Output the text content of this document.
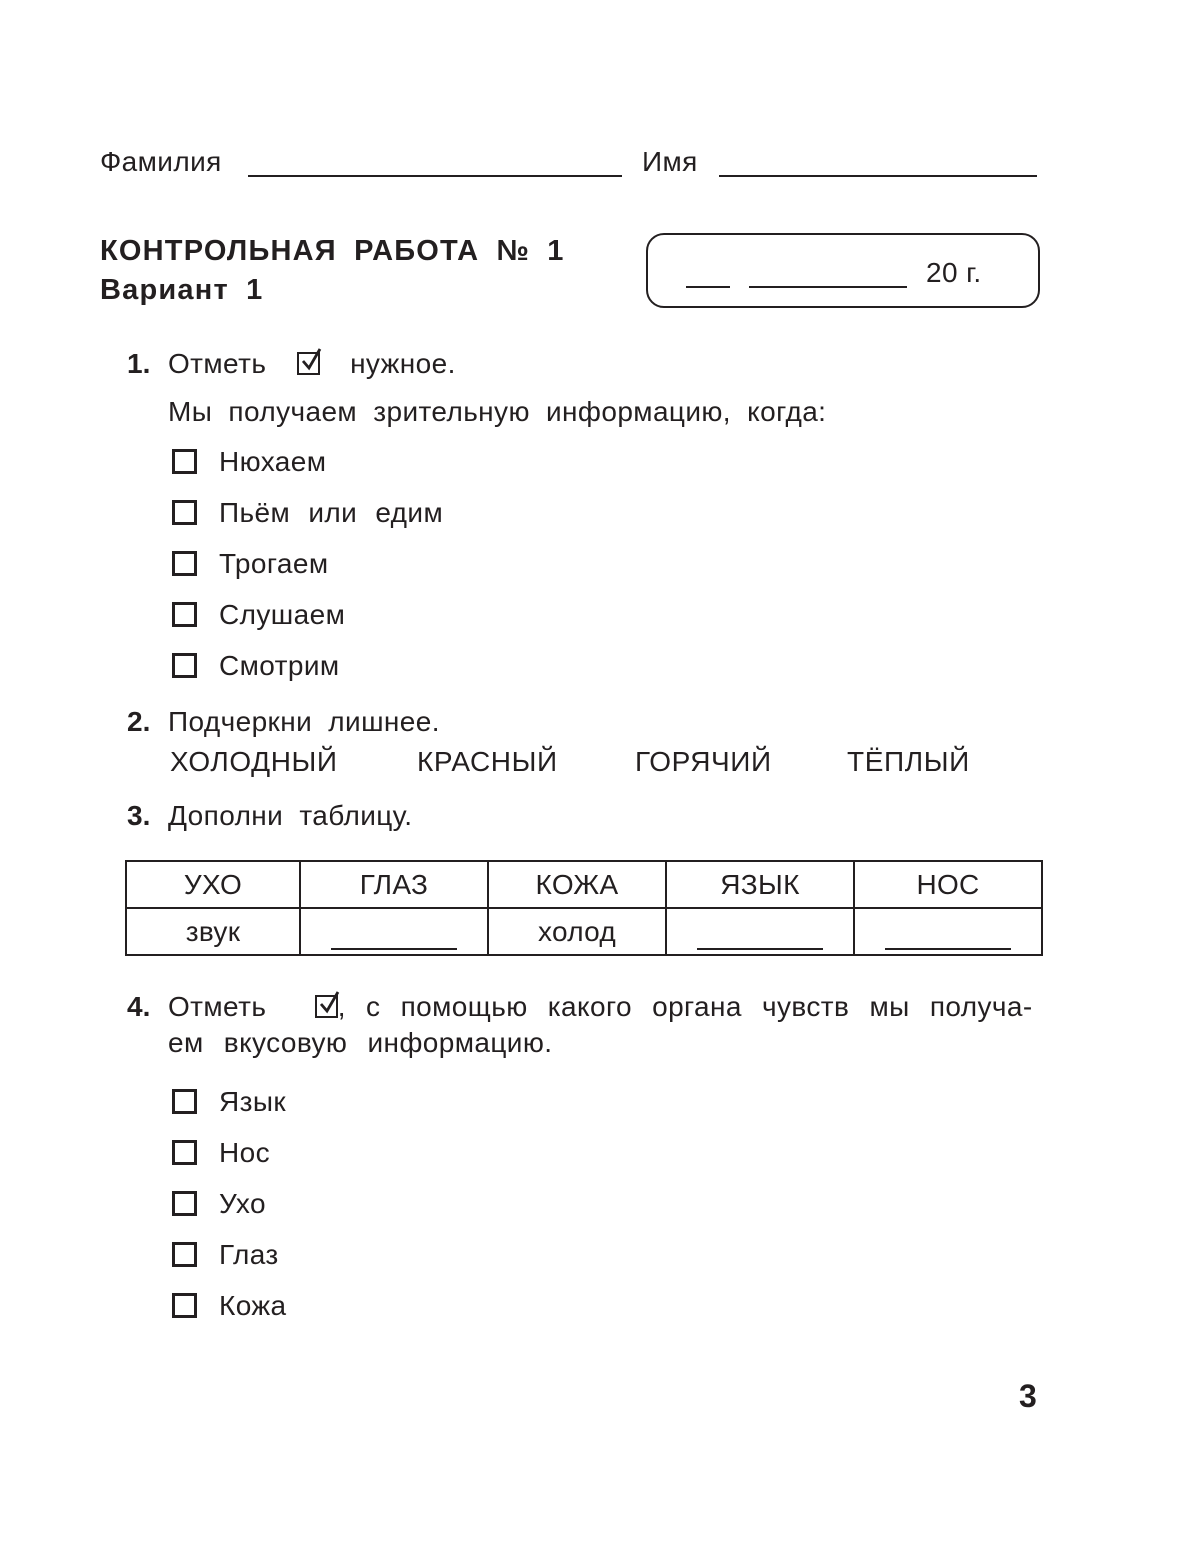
Фамилия	Имя
КОНТРОЛЬНАЯ РАБОТА № 1
Вариант 1
20 г.
1. Отметь	нужное.
Мы получаем зрительную информацию, когда:
Нюхаем
Пьём или едим
Трогаем
Слушаем
Смотрим
2. Подчеркни лишнее.
ХОЛОДНЫЙ	КРАСНЫЙ	ГОРЯЧИЙ	ТЁПЛЫЙ
3. Дополни таблицу.
УХО	ГЛАЗ	КОЖА	ЯЗЫК	НОС
звук		холод		
4. Отметь	, с помощью какого органа чувств мы получа-
ем вкусовую информацию.
Язык
Нос
Ухо
Глаз
Кожа
3
